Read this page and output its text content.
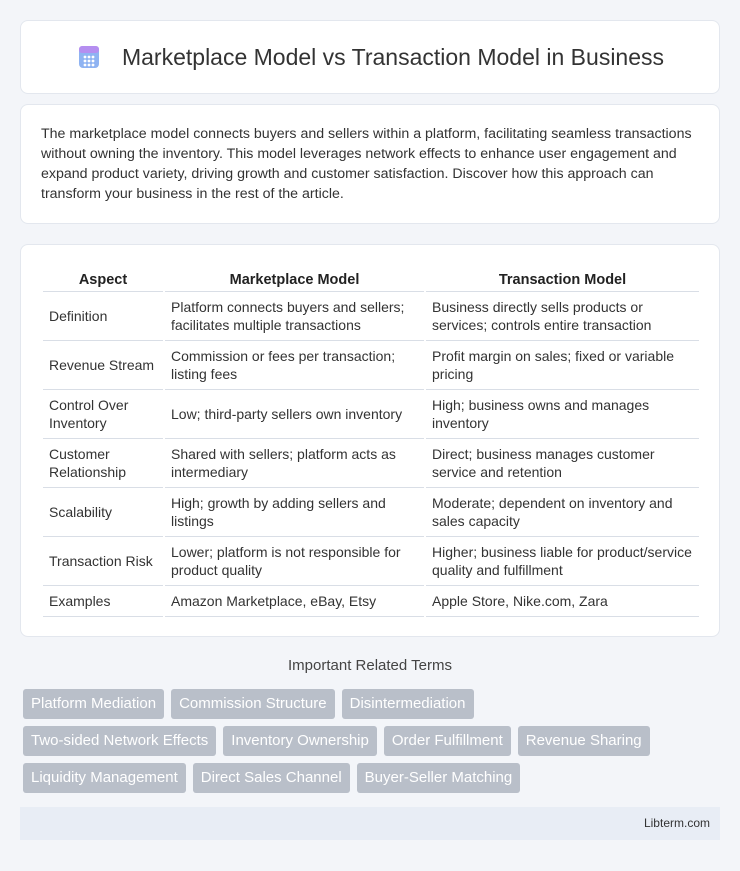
Marketplace Model vs Transaction Model in Business

The marketplace model connects buyers and sellers within a platform, facilitating seamless transactions without owning the inventory. This model leverages network effects to enhance user engagement and expand product variety, driving growth and customer satisfaction. Discover how this approach can transform your business in the rest of the article.

Aspect	Marketplace Model	Transaction Model
Definition	Platform connects buyers and sellers; facilitates multiple transactions	Business directly sells products or services; controls entire transaction
Revenue Stream	Commission or fees per transaction; listing fees	Profit margin on sales; fixed or variable pricing
Control Over Inventory	Low; third-party sellers own inventory	High; business owns and manages inventory
Customer Relationship	Shared with sellers; platform acts as intermediary	Direct; business manages customer service and retention
Scalability	High; growth by adding sellers and listings	Moderate; dependent on inventory and sales capacity
Transaction Risk	Lower; platform is not responsible for product quality	Higher; business liable for product/service quality and fulfillment
Examples	Amazon Marketplace, eBay, Etsy	Apple Store, Nike.com, Zara
Important Related Terms
Platform Mediation	Commission Structure	Disintermediation
Two-sided Network Effects	Inventory Ownership	Order Fulfillment	Revenue Sharing
Liquidity Management	Direct Sales Channel	Buyer-Seller Matching
Libterm.com
